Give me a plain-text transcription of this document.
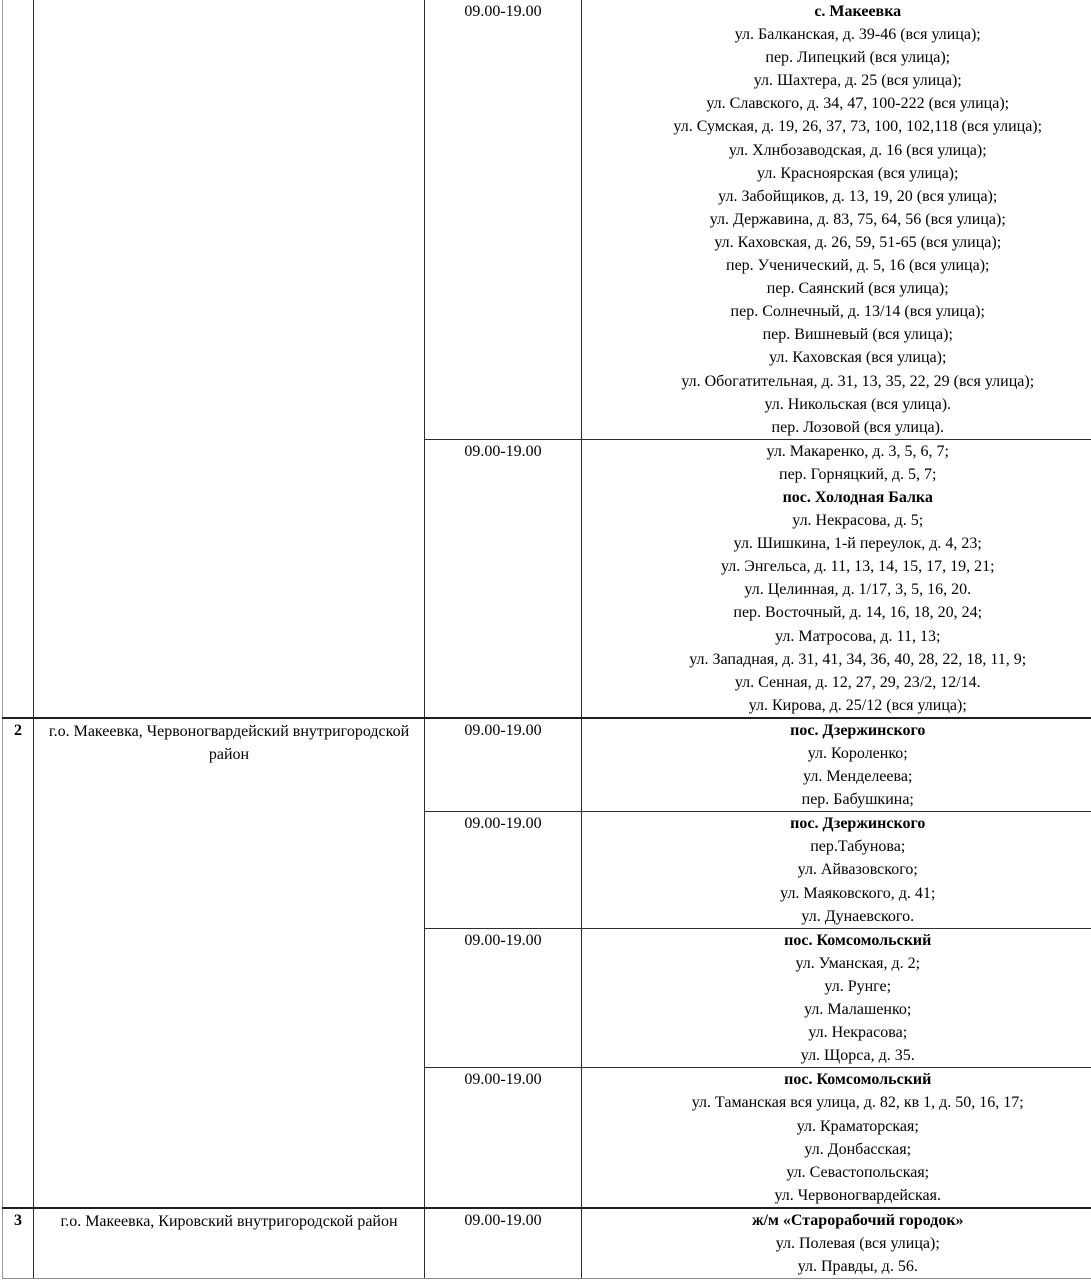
		09.00-19.00	с. Макеевка
ул. Балканская, д. 39-46 (вся улица);
пер. Липецкий (вся улица);
ул. Шахтера, д. 25 (вся улица);
ул. Славского, д. 34, 47, 100-222 (вся улица);
ул. Сумская, д. 19, 26, 37, 73, 100, 102,118 (вся улица);
ул. Хлнбозаводская, д. 16 (вся улица);
ул. Красноярская (вся улица);
ул. Забойщиков, д. 13, 19, 20 (вся улица);
ул. Державина, д. 83, 75, 64, 56 (вся улица);
ул. Каховская, д. 26, 59, 51-65 (вся улица);
пер. Ученический, д. 5, 16 (вся улица);
пер. Саянский (вся улица);
пер. Солнечный, д. 13/14 (вся улица);
пер. Вишневый (вся улица);
ул. Каховская (вся улица);
ул. Обогатительная, д. 31, 13, 35, 22, 29 (вся улица);
ул. Никольская (вся улица).
пер. Лозовой (вся улица).

09.00-19.00	ул. Макаренко, д. 3, 5, 6, 7;
пер. Горняцкий, д. 5, 7;
пос. Холодная Балка
ул. Некрасова, д. 5;
ул. Шишкина, 1-й переулок, д. 4, 23;
ул. Энгельса, д. 11, 13, 14, 15, 17, 19, 21;
ул. Целинная, д. 1/17, 3, 5, 16, 20.
пер. Восточный, д. 14, 16, 18, 20, 24;
ул. Матросова, д. 11, 13;
ул. Западная, д. 31, 41, 34, 36, 40, 28, 22, 18, 11, 9;
ул. Сенная, д. 12, 27, 29, 23/2, 12/14.
ул. Кирова, д. 25/12 (вся улица);

2	г.о. Макеевка, Червоногвардейский внутригородской район	09.00-19.00	пос. Дзержинского
ул. Короленко;
ул. Менделеева;
пер. Бабушкина;

		09.00-19.00	пос. Дзержинского
пер.Табунова;
ул. Айвазовского;
ул. Маяковского, д. 41;
ул. Дунаевского.

09.00-19.00	пос. Комсомольский
ул. Уманская, д. 2;
ул. Рунге;
ул. Малашенко;
ул. Некрасова;
ул. Щорса, д. 35.

09.00-19.00	пос. Комсомольский
ул. Таманская вся улица, д. 82, кв 1, д. 50, 16, 17;
ул. Краматорская;
ул. Донбасская;
ул. Севастопольская;
ул. Червоногвардейская.

3	г.о. Макеевка, Кировский внутригородской район	09.00-19.00	ж/м «Старорабочий городок»
ул. Полевая (вся улица);
ул. Правды, д. 56.
